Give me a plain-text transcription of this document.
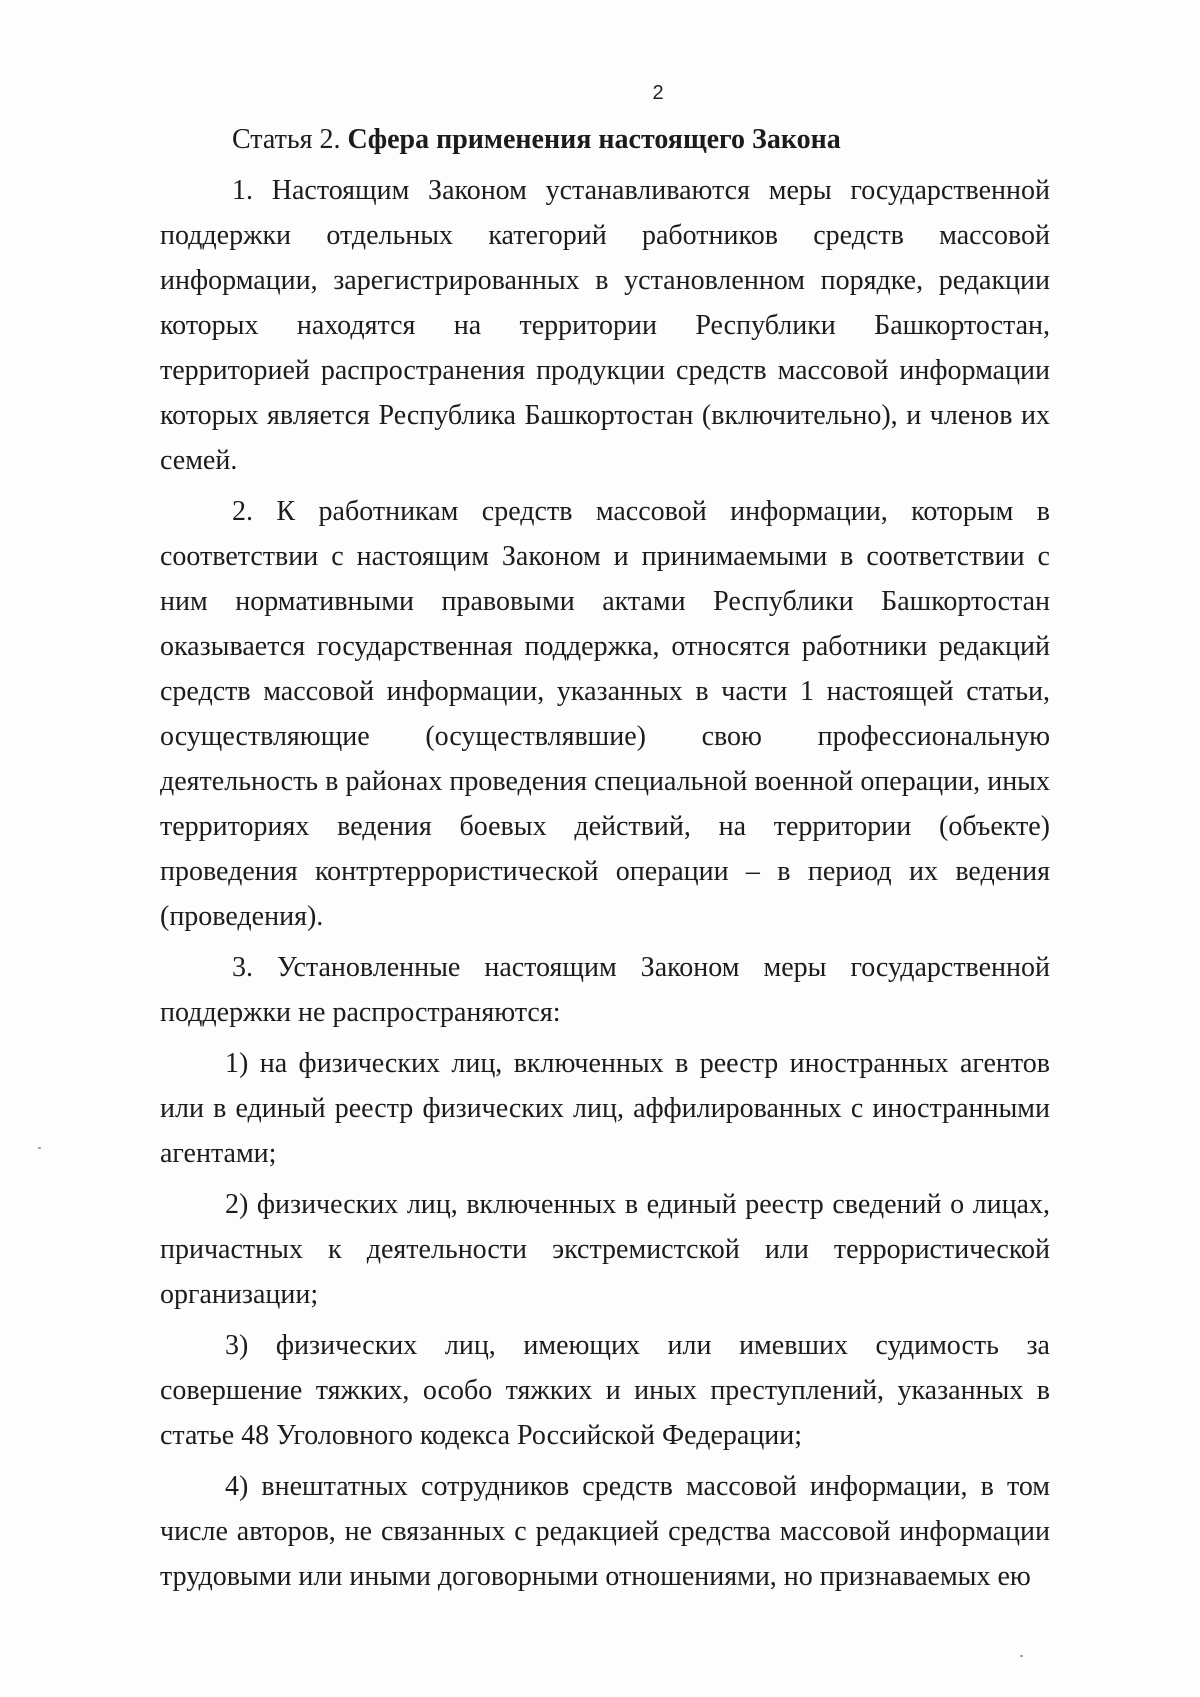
2
Статья 2. Сфера применения настоящего Закона

1. Настоящим Законом устанавливаются меры государственной поддержки отдельных категорий работников средств массовой информации, зарегистрированных в установленном порядке, редакции которых находятся на территории Республики Башкортостан, территорией распространения продукции средств массовой информации которых является Республика Башкортостан (включительно), и членов их семей.

2. К работникам средств массовой информации, которым в соответствии с настоящим Законом и принимаемыми в соответствии с ним нормативными правовыми актами Республики Башкортостан оказывается государственная поддержка, относятся работники редакций средств массовой информации, указанных в части 1 настоящей статьи, осуществляющие (осуществлявшие) свою профессиональную деятельность в районах проведения специальной военной операции, иных территориях ведения боевых действий, на территории (объекте) проведения контртеррористической операции – в период их ведения (проведения).

3. Установленные настоящим Законом меры государственной поддержки не распространяются:

1) на физических лиц, включенных в реестр иностранных агентов или в единый реестр физических лиц, аффилированных с иностранными агентами;

2) физических лиц, включенных в единый реестр сведений о лицах, причастных к деятельности экстремистской или террористической организации;

3) физических лиц, имеющих или имевших судимость за совершение тяжких, особо тяжких и иных преступлений, указанных в статье 48 Уголовного кодекса Российской Федерации;

4) внештатных сотрудников средств массовой информации, в том числе авторов, не связанных с редакцией средства массовой информации трудовыми или иными договорными отношениями, но признаваемых ею
